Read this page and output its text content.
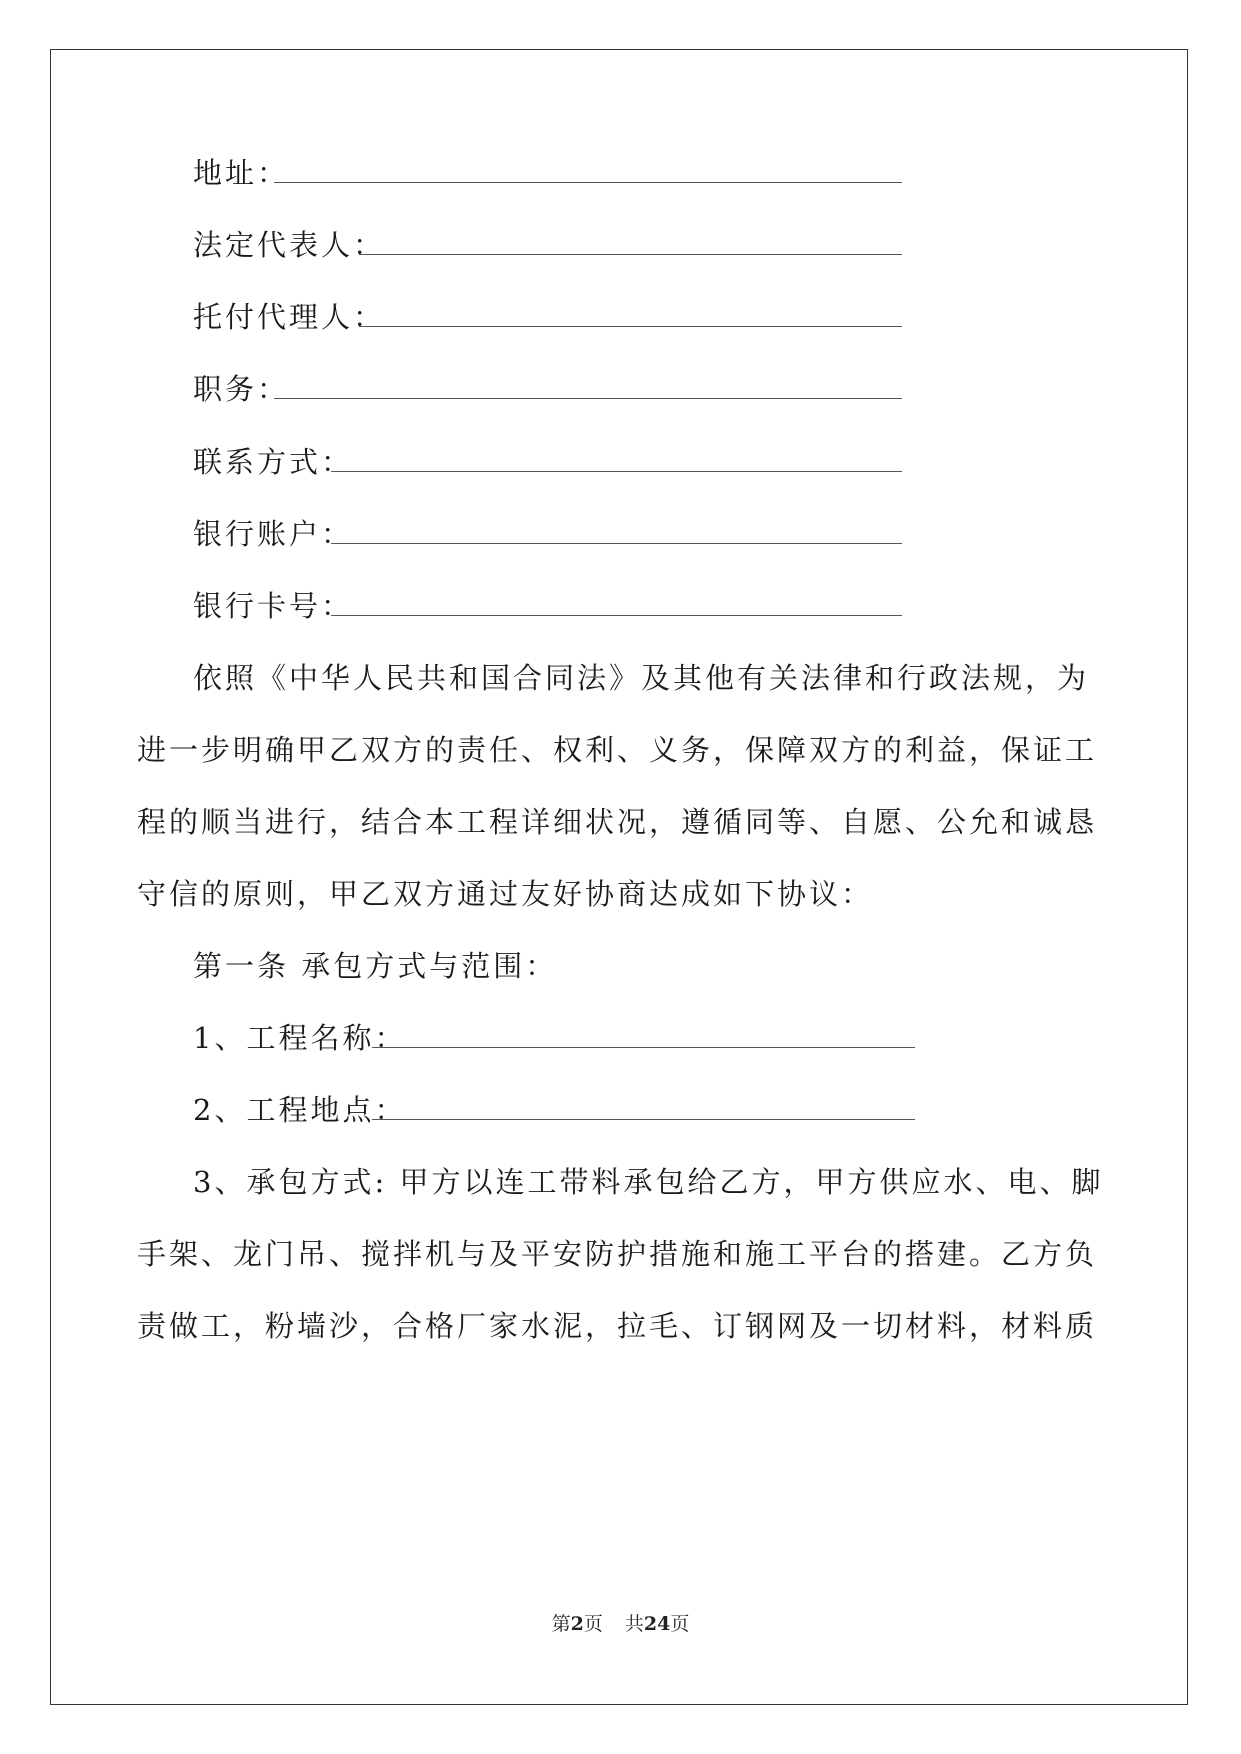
地址：
法定代表人：
托付代理人：
职务：
联系方式：
银行账户：
银行卡号：
依照《中华人民共和国合同法》及其他有关法律和行政法规，为
进一步明确甲乙双方的责任、权利、义务，保障双方的利益，保证工
程的顺当进行，结合本工程详细状况，遵循同等、自愿、公允和诚恳
守信的原则，甲乙双方通过友好协商达成如下协议：
第一条 承包方式与范围：
1、工程名称：
2、工程地点：
3、承包方式: 甲方以连工带料承包给乙方，甲方供应水、电、脚
手架、龙门吊、搅拌机与及平安防护措施和施工平台的搭建。乙方负
责做工，粉墙沙，合格厂家水泥，拉毛、订钢网及一切材料，材料质
第2页 共24页
